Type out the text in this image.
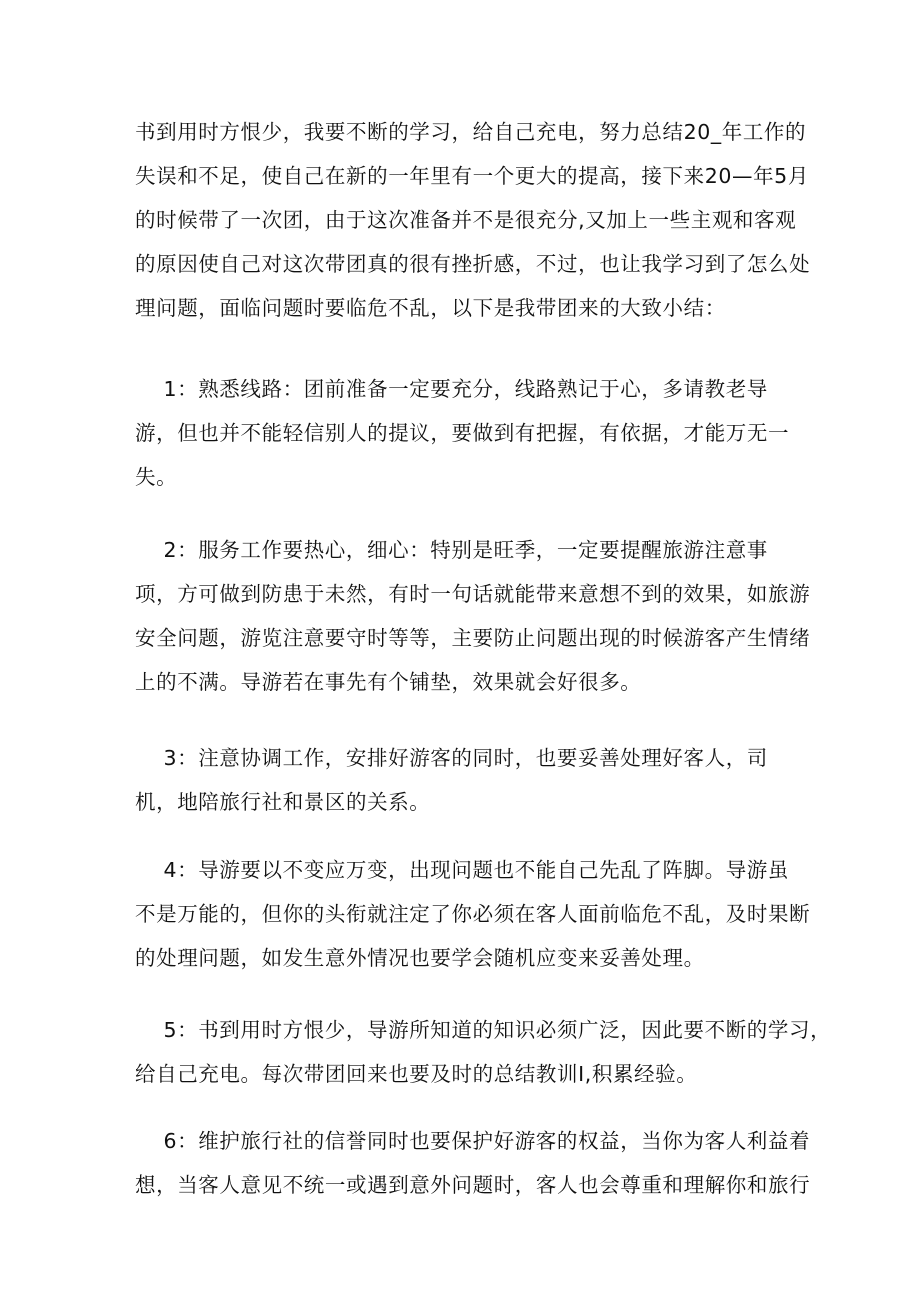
书到用时方恨少，我要不断的学习，给自己充电，努力总结20_年工作的
失误和不足，使自己在新的一年里有一个更大的提高，接下来20—年5月
的时候带了一次团，由于这次准备并不是很充分,又加上一些主观和客观
的原因使自己对这次带团真的很有挫折感，不过，也让我学习到了怎么处
理问题，面临问题时要临危不乱，以下是我带团来的大致小结：
1：熟悉线路：团前准备一定要充分，线路熟记于心，多请教老导
游，但也并不能轻信别人的提议，要做到有把握，有依据，才能万无一
失。
2：服务工作要热心，细心：特别是旺季，一定要提醒旅游注意事
项，方可做到防患于未然，有时一句话就能带来意想不到的效果，如旅游
安全问题，游览注意要守时等等，主要防止问题出现的时候游客产生情绪
上的不满。导游若在事先有个铺垫，效果就会好很多。
3：注意协调工作，安排好游客的同时，也要妥善处理好客人，司
机，地陪旅行社和景区的关系。
4：导游要以不变应万变，出现问题也不能自己先乱了阵脚。导游虽
不是万能的，但你的头衔就注定了你必须在客人面前临危不乱，及时果断
的处理问题，如发生意外情况也要学会随机应变来妥善处理。
5：书到用时方恨少，导游所知道的知识必须广泛，因此要不断的学习，
给自己充电。每次带团回来也要及时的总结教训I,积累经验。
6：维护旅行社的信誉同时也要保护好游客的权益，当你为客人利益着
想，当客人意见不统一或遇到意外问题时，客人也会尊重和理解你和旅行
